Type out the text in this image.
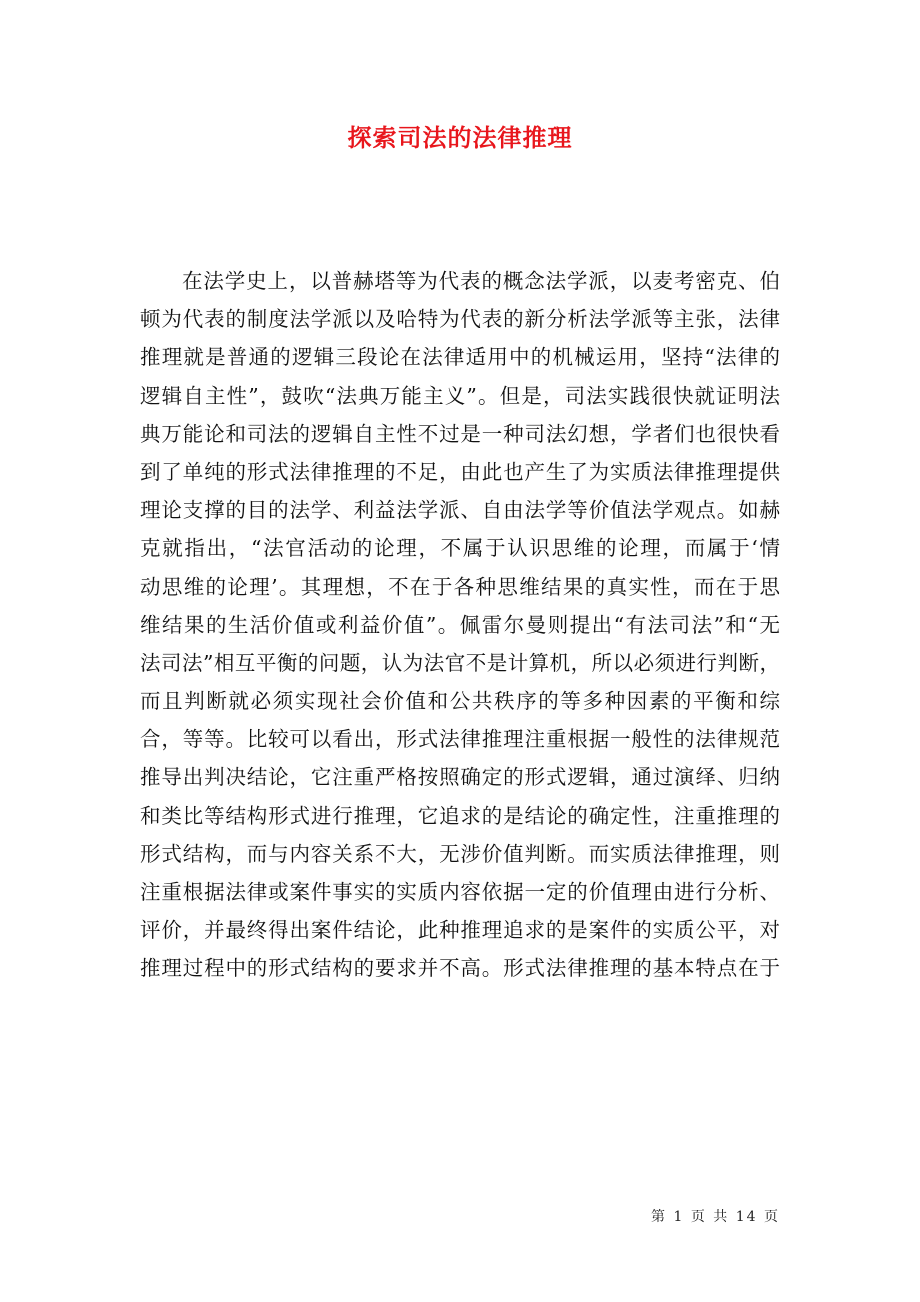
探索司法的法律推理
在法学史上，以普赫塔等为代表的概念法学派，以麦考密克、伯
顿为代表的制度法学派以及哈特为代表的新分析法学派等主张，法律
推理就是普通的逻辑三段论在法律适用中的机械运用，坚持“法律的
逻辑自主性”，鼓吹“法典万能主义”。但是，司法实践很快就证明法
典万能论和司法的逻辑自主性不过是一种司法幻想，学者们也很快看
到了单纯的形式法律推理的不足，由此也产生了为实质法律推理提供
理论支撑的目的法学、利益法学派、自由法学等价值法学观点。如赫
克就指出，“法官活动的论理，不属于认识思维的论理，而属于‘情
动思维的论理’。其理想，不在于各种思维结果的真实性，而在于思
维结果的生活价值或利益价值”。佩雷尔曼则提出“有法司法”和“无
法司法”相互平衡的问题，认为法官不是计算机，所以必须进行判断，
而且判断就必须实现社会价值和公共秩序的等多种因素的平衡和综
合，等等。比较可以看出，形式法律推理注重根据一般性的法律规范
推导出判决结论，它注重严格按照确定的形式逻辑，通过演绎、归纳
和类比等结构形式进行推理，它追求的是结论的确定性，注重推理的
形式结构，而与内容关系不大，无涉价值判断。而实质法律推理，则
注重根据法律或案件事实的实质内容依据一定的价值理由进行分析、
评价，并最终得出案件结论，此种推理追求的是案件的实质公平，对
推理过程中的形式结构的要求并不高。形式法律推理的基本特点在于
第 1 页 共 14 页
